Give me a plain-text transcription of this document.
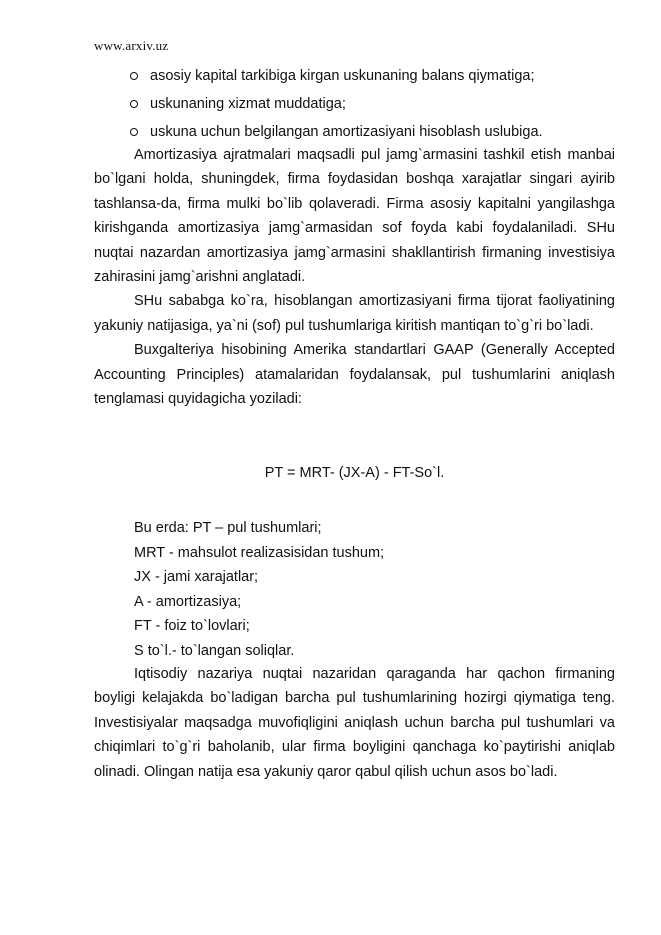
www.arxiv.uz
asosiy kapital tarkibiga kirgan uskunaning balans qiymatiga;
uskunaning xizmat muddatiga;
uskuna uchun belgilangan amortizasiyani hisoblash uslubiga.

Amortizasiya ajratmalari maqsadli pul jamg`armasini tashkil etish manbai bo`lgani holda, shuningdek, firma foydasidan boshqa xarajatlar singari ayirib tashlansa-da, firma mulki bo`lib qolaveradi. Firma asosiy kapitalni yangilashga kirishganda amortizasiya jamg`armasidan sof foyda kabi foydalaniladi. SHu nuqtai nazardan amortizasiya jamg`armasini shakllantirish firmaning investisiya zahirasini jamg`arishni anglatadi.

SHu sababga ko`ra, hisoblangan amortizasiyani firma tijorat faoliyatining yakuniy natijasiga, ya`ni (sof) pul tushumlariga kiritish mantiqan to`g`ri bo`ladi.

Buxgalteriya hisobining Amerika standartlari GAAP (Generally Accepted Accounting Principles) atamalaridan foydalansak, pul tushumlarini aniqlash tenglamasi quyidagicha yoziladi:

PT = MRT- (JX-A) - FT-So`l.
Bu erda: PT – pul tushumlari;
MRT - mahsulot realizasisidan tushum;
JX - jami xarajatlar;
A - amortizasiya;
FT - foiz to`lovlari;
S to`l.- to`langan soliqlar.

Iqtisodiy nazariya nuqtai nazaridan qaraganda har qachon firmaning boyligi kelajakda bo`ladigan barcha pul tushumlarining hozirgi qiymatiga teng. Investisiyalar maqsadga muvofiqligini aniqlash uchun barcha pul tushumlari va chiqimlari to`g`ri baholanib, ular firma boyligini qanchaga ko`paytirishi aniqlab olinadi. Olingan natija esa yakuniy qaror qabul qilish uchun asos bo`ladi.
